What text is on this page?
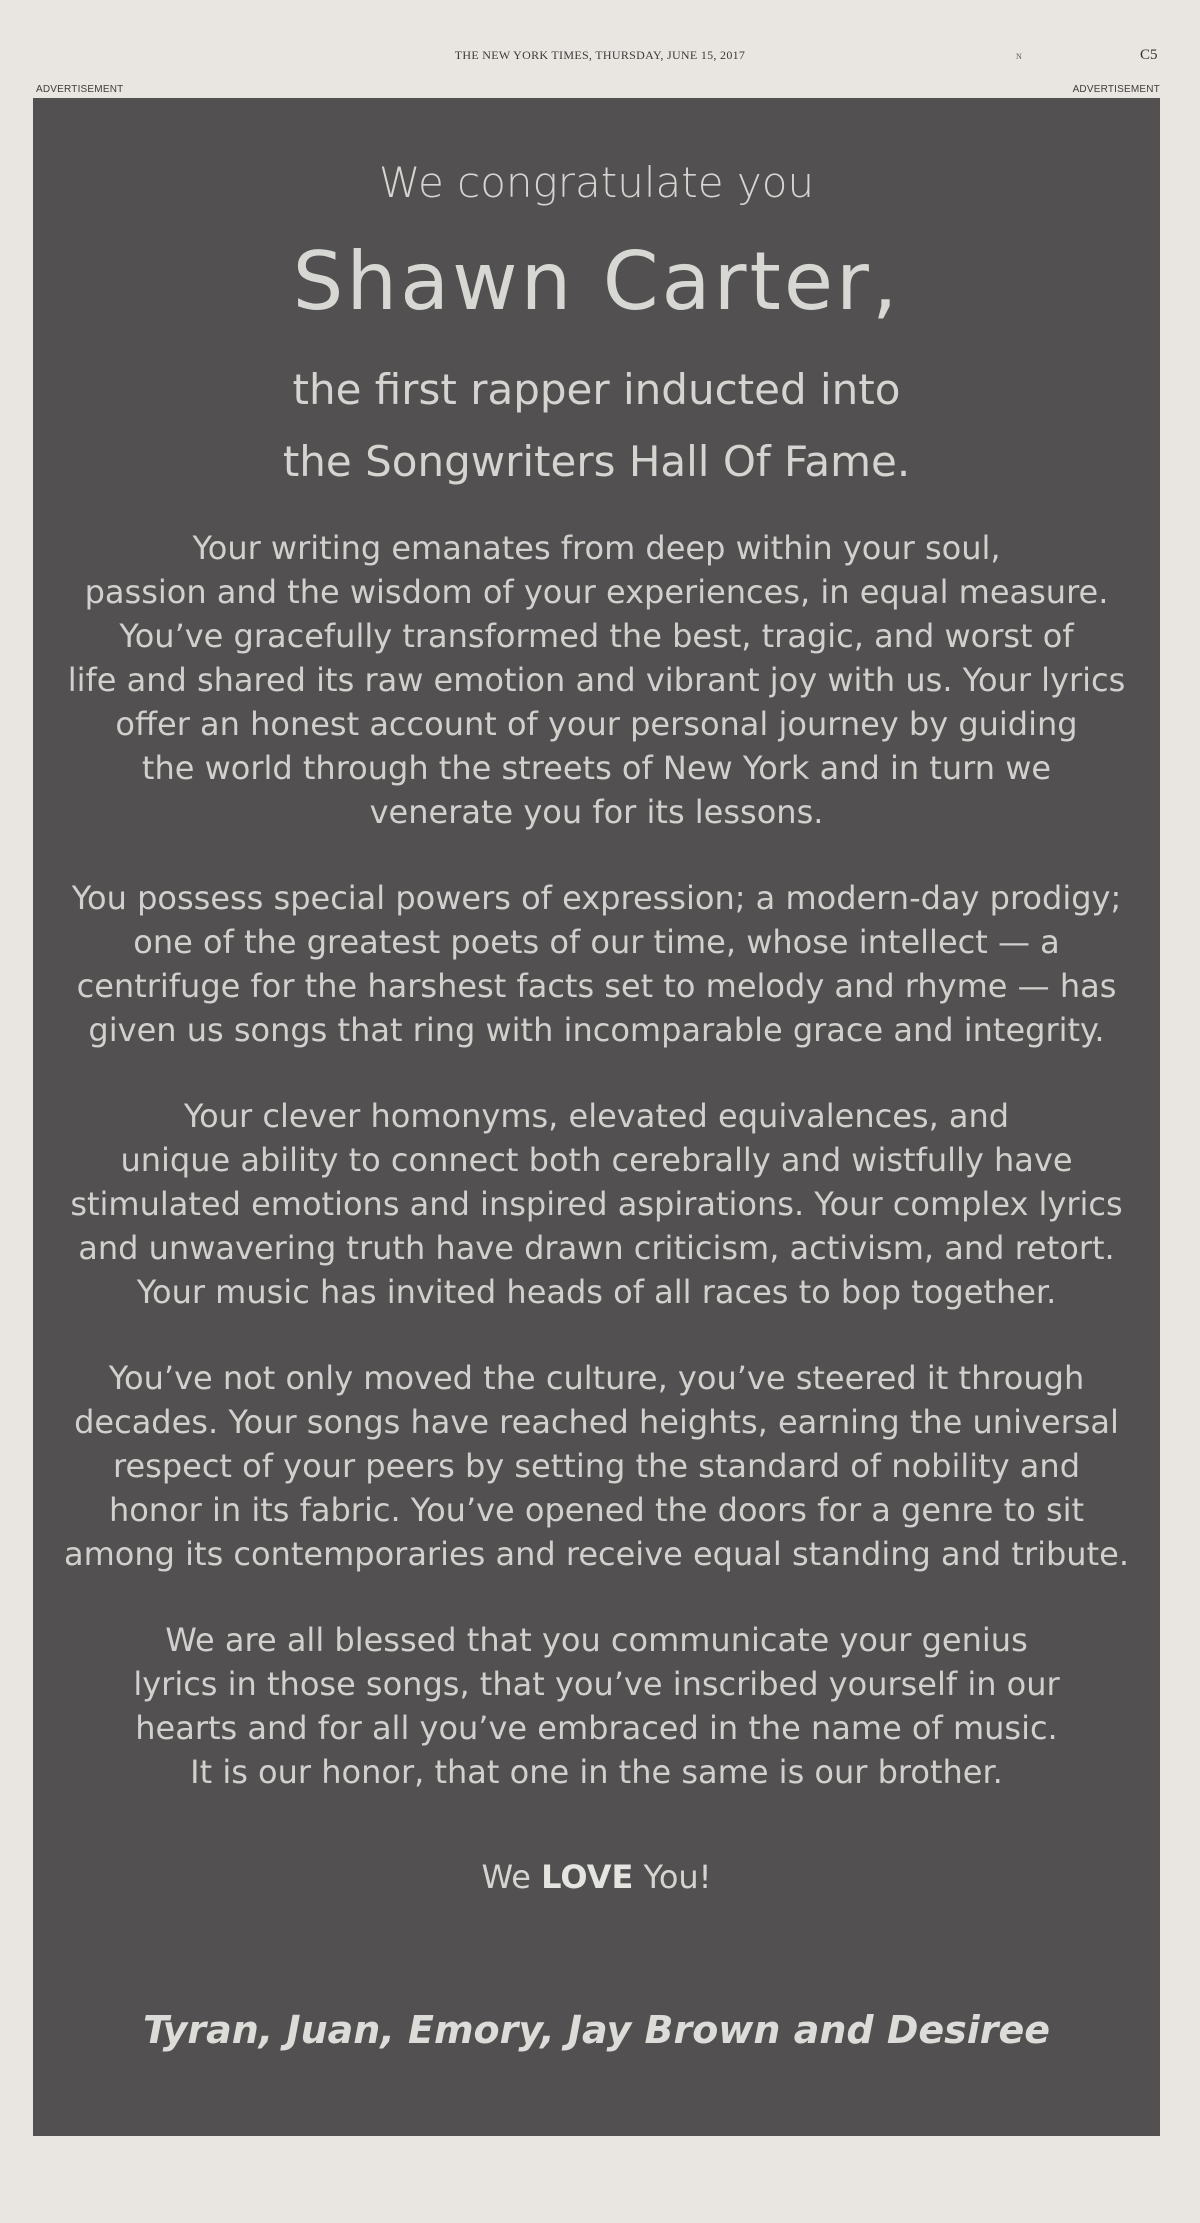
THE NEW YORK TIMES, THURSDAY, JUNE 15, 2017	N	C5
ADVERTISEMENT	ADVERTISEMENT
We congratulate you
Shawn Carter,
the first rapper inducted into
the Songwriters Hall Of Fame.
Your writing emanates from deep within your soul,
passion and the wisdom of your experiences, in equal measure.
You’ve gracefully transformed the best, tragic, and worst of
life and shared its raw emotion and vibrant joy with us. Your lyrics
offer an honest account of your personal journey by guiding
the world through the streets of New York and in turn we
venerate you for its lessons.
You possess special powers of expression; a modern-day prodigy;
one of the greatest poets of our time, whose intellect — a
centrifuge for the harshest facts set to melody and rhyme — has
given us songs that ring with incomparable grace and integrity.
Your clever homonyms, elevated equivalences, and
unique ability to connect both cerebrally and wistfully have
stimulated emotions and inspired aspirations. Your complex lyrics
and unwavering truth have drawn criticism, activism, and retort.
Your music has invited heads of all races to bop together.
You’ve not only moved the culture, you’ve steered it through
decades. Your songs have reached heights, earning the universal
respect of your peers by setting the standard of nobility and
honor in its fabric. You’ve opened the doors for a genre to sit
among its contemporaries and receive equal standing and tribute.
We are all blessed that you communicate your genius
lyrics in those songs, that you’ve inscribed yourself in our
hearts and for all you’ve embraced in the name of music.
It is our honor, that one in the same is our brother.
We LOVE You!
Tyran, Juan, Emory, Jay Brown and Desiree
